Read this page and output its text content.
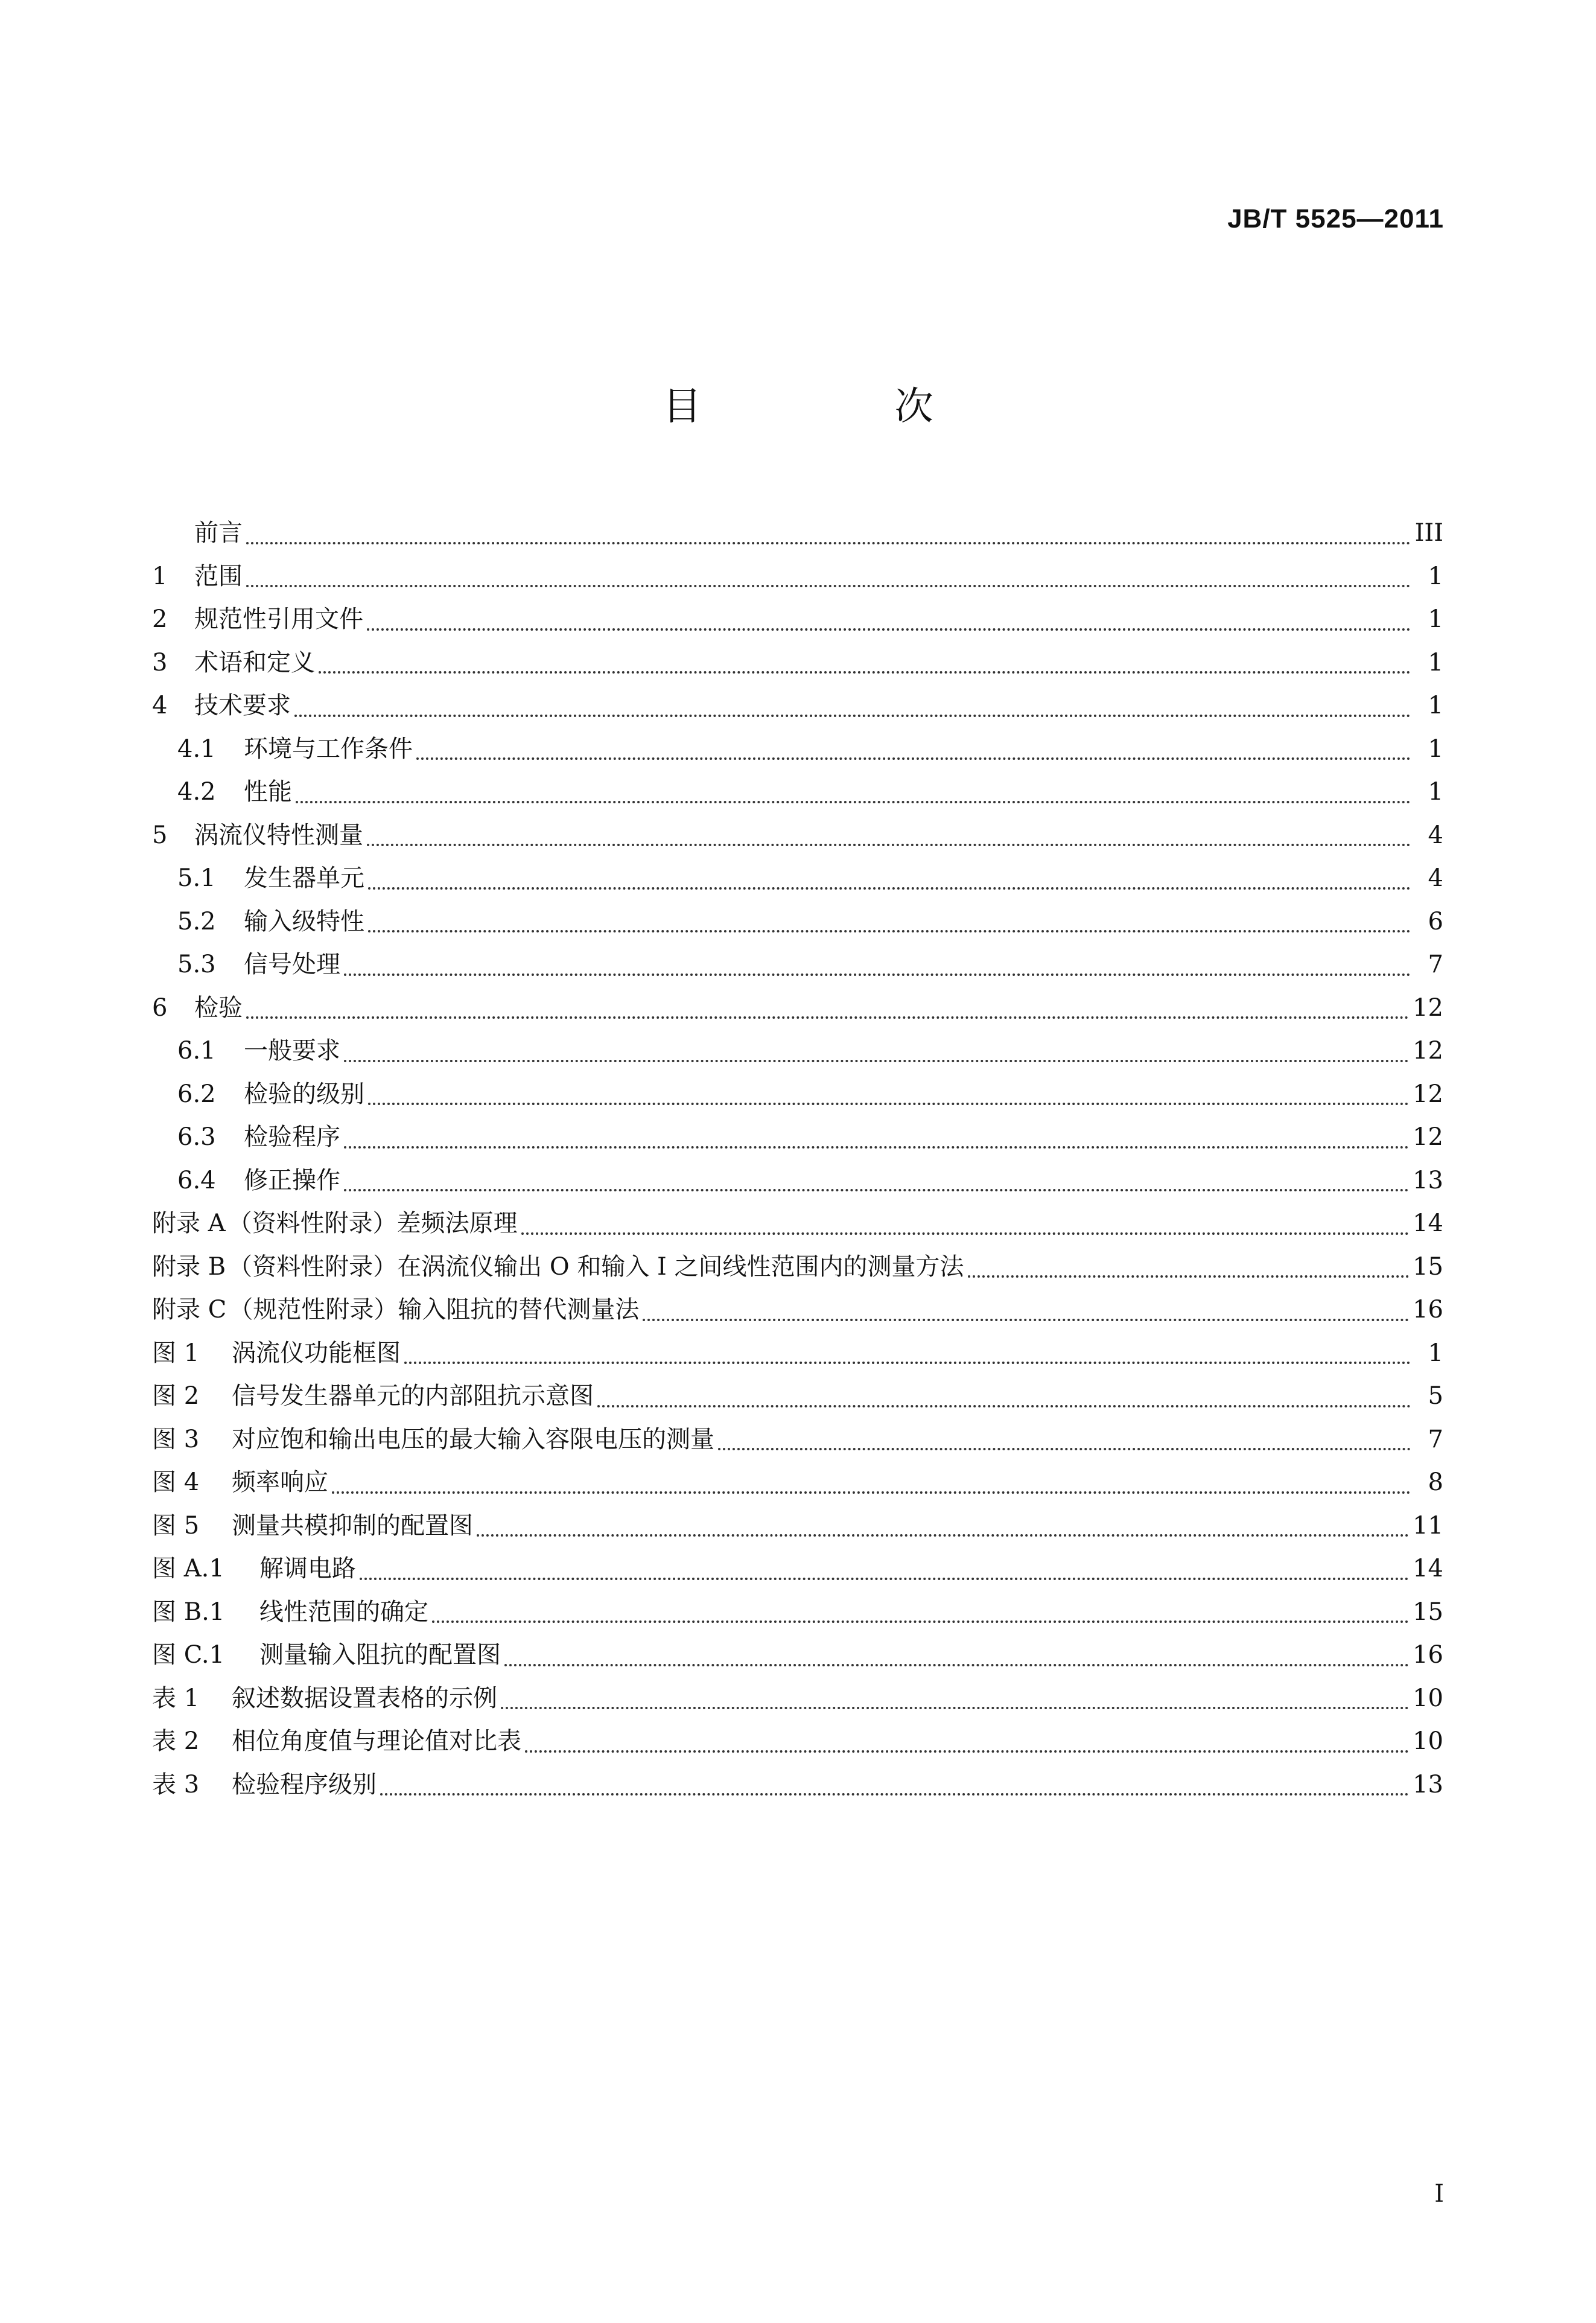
JB/T 5525—2011
目 次
前言	III
1	范围	1
2	规范性引用文件	1
3	术语和定义	1
4	技术要求	1
4.1	环境与工作条件	1
4.2	性能	1
5	涡流仪特性测量	4
5.1	发生器单元	4
5.2	输入级特性	6
5.3	信号处理	7
6	检验	12
6.1	一般要求	12
6.2	检验的级别	12
6.3	检验程序	12
6.4	修正操作	13
附录 A （资料性附录）差频法原理	14
附录 B （资料性附录）在涡流仪输出 O 和输入 I 之间线性范围内的测量方法	15
附录 C （规范性附录）输入阻抗的替代测量法	16
图 1	涡流仪功能框图	1
图 2	信号发生器单元的内部阻抗示意图	5
图 3	对应饱和输出电压的最大输入容限电压的测量	7
图 4	频率响应	8
图 5	测量共模抑制的配置图	11
图 A.1	解调电路	14
图 B.1	线性范围的确定	15
图 C.1	测量输入阻抗的配置图	16
表 1	叙述数据设置表格的示例	10
表 2	相位角度值与理论值对比表	10
表 3	检验程序级别	13
I
